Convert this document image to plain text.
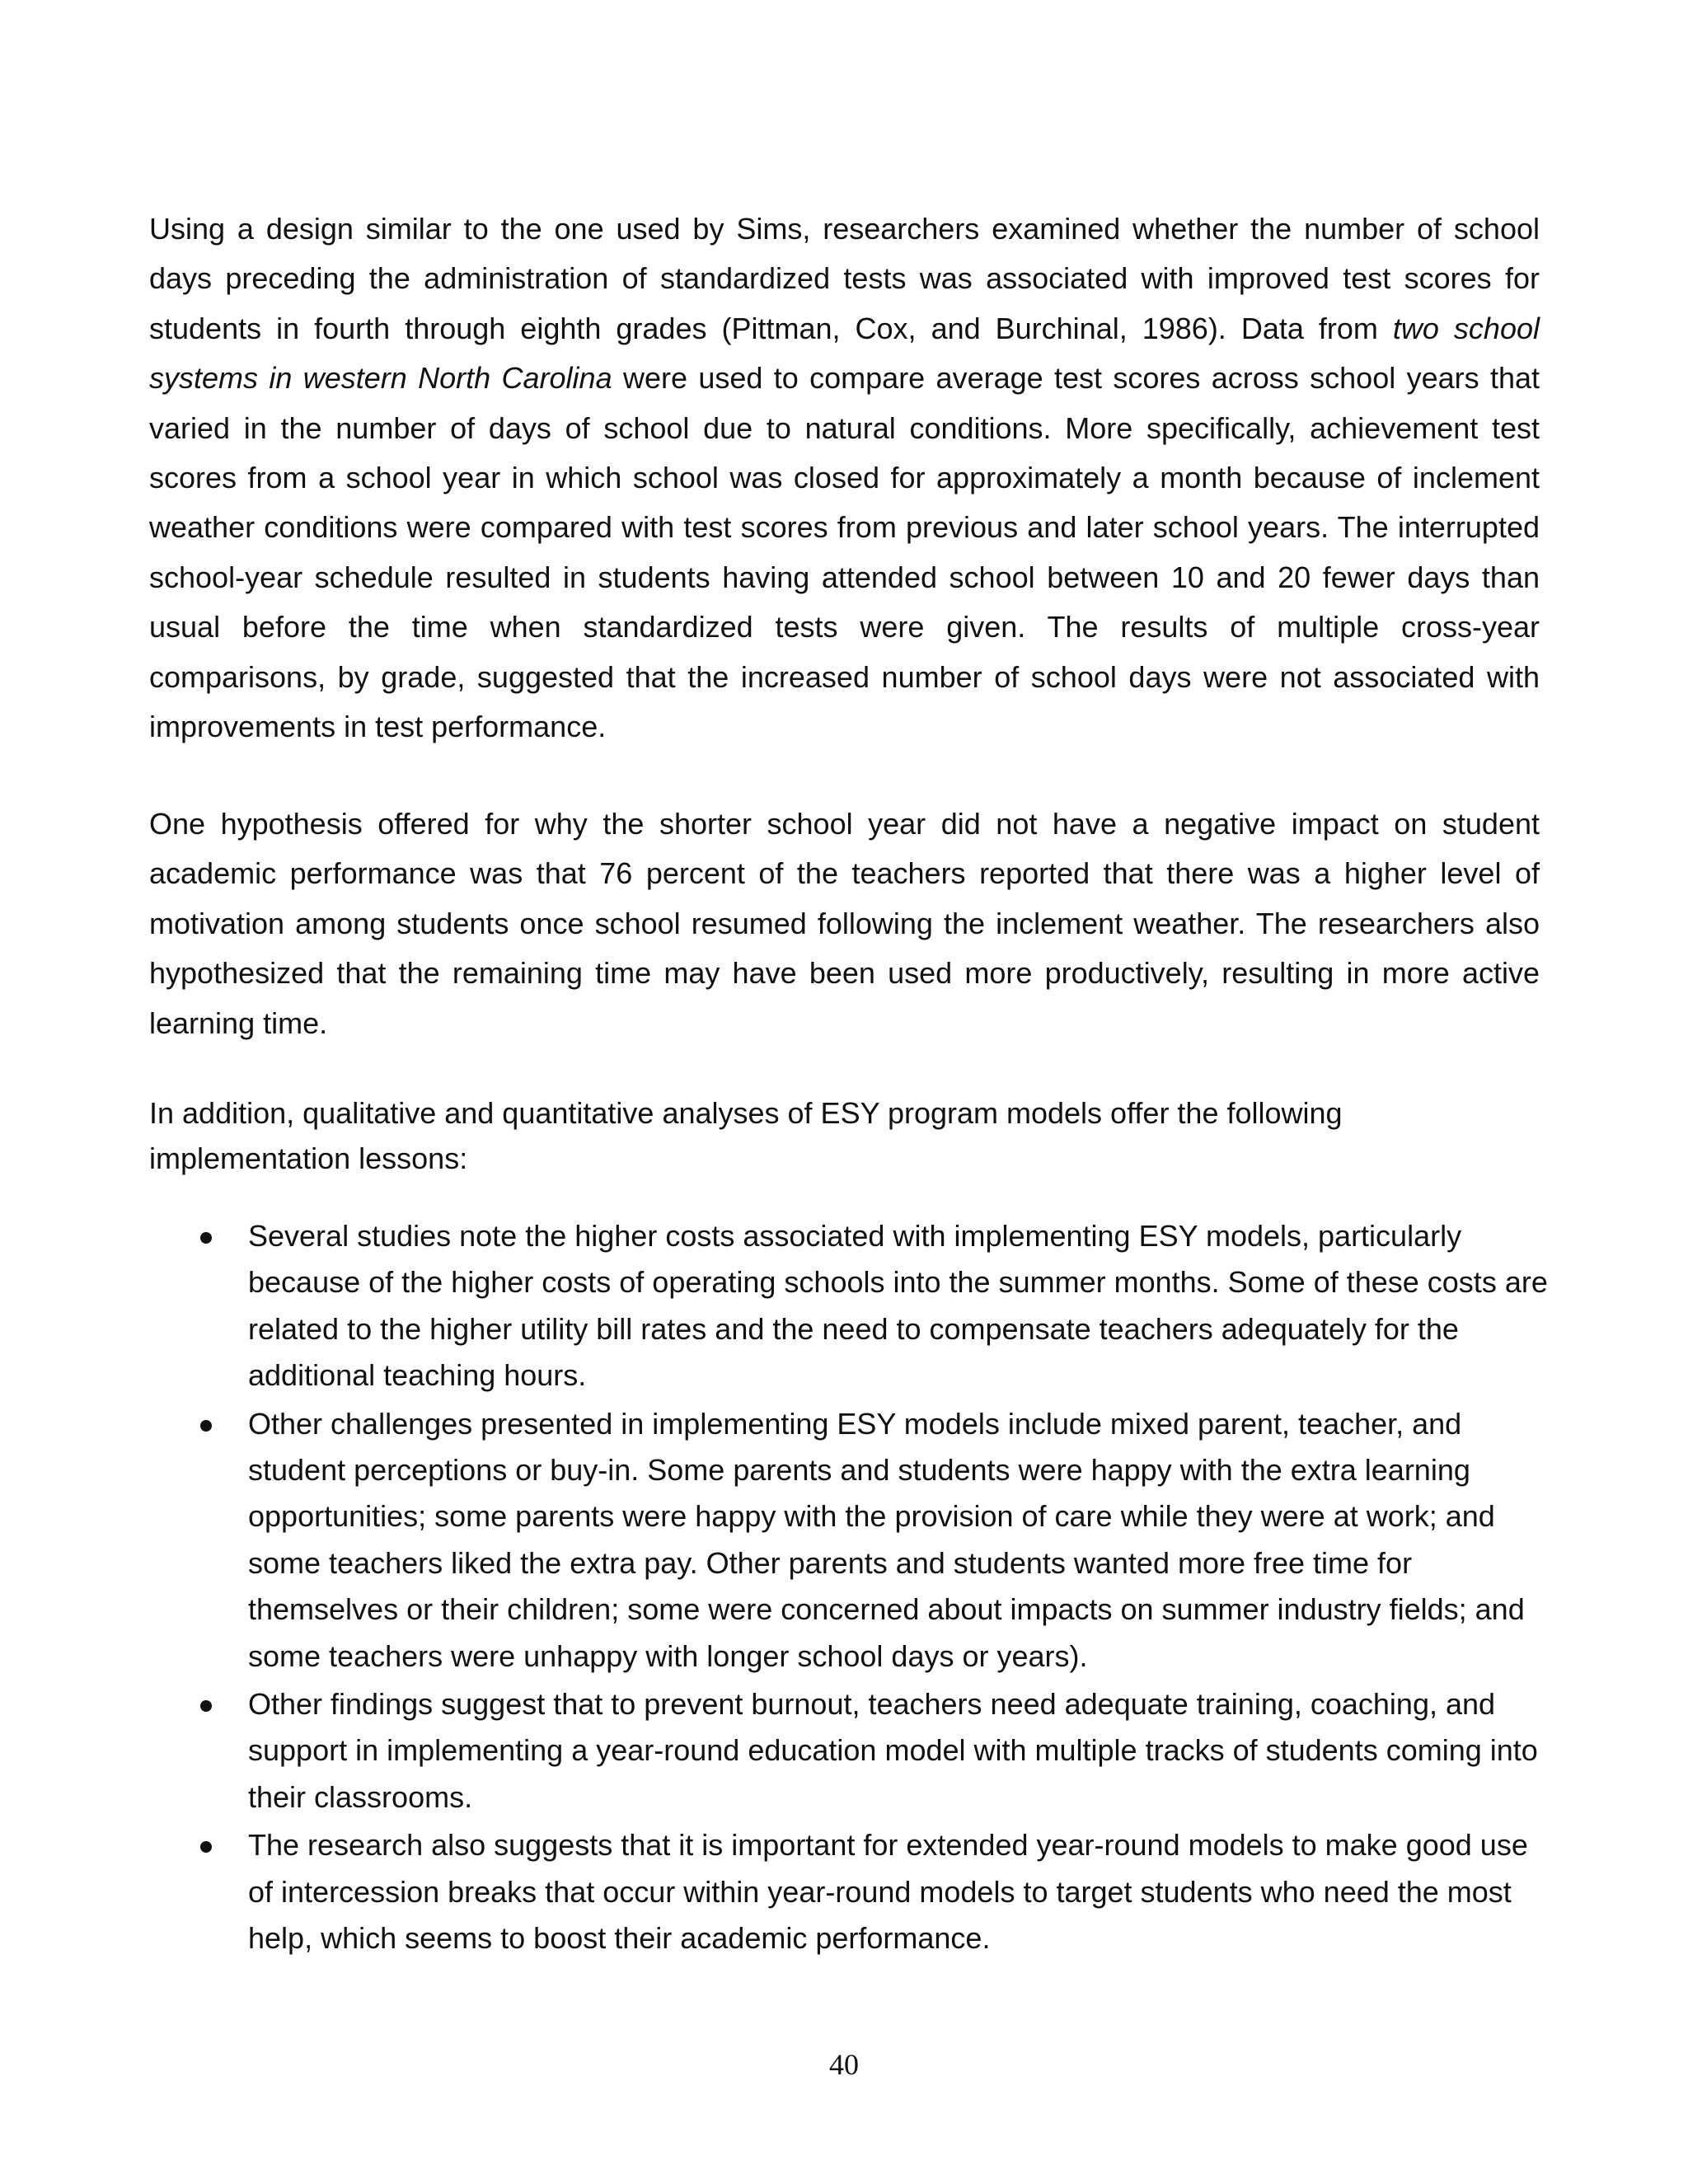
Using a design similar to the one used by Sims, researchers examined whether the number of school days preceding the administration of standardized tests was associated with improved test scores for students in fourth through eighth grades (Pittman, Cox, and Burchinal, 1986). Data from two school systems in western North Carolina were used to compare average test scores across school years that varied in the number of days of school due to natural conditions. More specifically, achievement test scores from a school year in which school was closed for approximately a month because of inclement weather conditions were compared with test scores from previous and later school years. The interrupted school-year schedule resulted in students having attended school between 10 and 20 fewer days than usual before the time when standardized tests were given. The results of multiple cross-year comparisons, by grade, suggested that the increased number of school days were not associated with improvements in test performance.

One hypothesis offered for why the shorter school year did not have a negative impact on student academic performance was that 76 percent of the teachers reported that there was a higher level of motivation among students once school resumed following the inclement weather. The researchers also hypothesized that the remaining time may have been used more productively, resulting in more active learning time.

In addition, qualitative and quantitative analyses of ESY program models offer the following
implementation lessons:

Several studies note the higher costs associated with implementing ESY models, particularly because of the higher costs of operating schools into the summer months. Some of these costs are related to the higher utility bill rates and the need to compensate teachers adequately for the additional teaching hours.
Other challenges presented in implementing ESY models include mixed parent, teacher, and student perceptions or buy-in. Some parents and students were happy with the extra learning opportunities; some parents were happy with the provision of care while they were at work; and some teachers liked the extra pay. Other parents and students wanted more free time for themselves or their children; some were concerned about impacts on summer industry fields; and some teachers were unhappy with longer school days or years).
Other findings suggest that to prevent burnout, teachers need adequate training, coaching, and support in implementing a year-round education model with multiple tracks of students coming into their classrooms.
The research also suggests that it is important for extended year-round models to make good use of intercession breaks that occur within year-round models to target students who need the most help, which seems to boost their academic performance.
40
